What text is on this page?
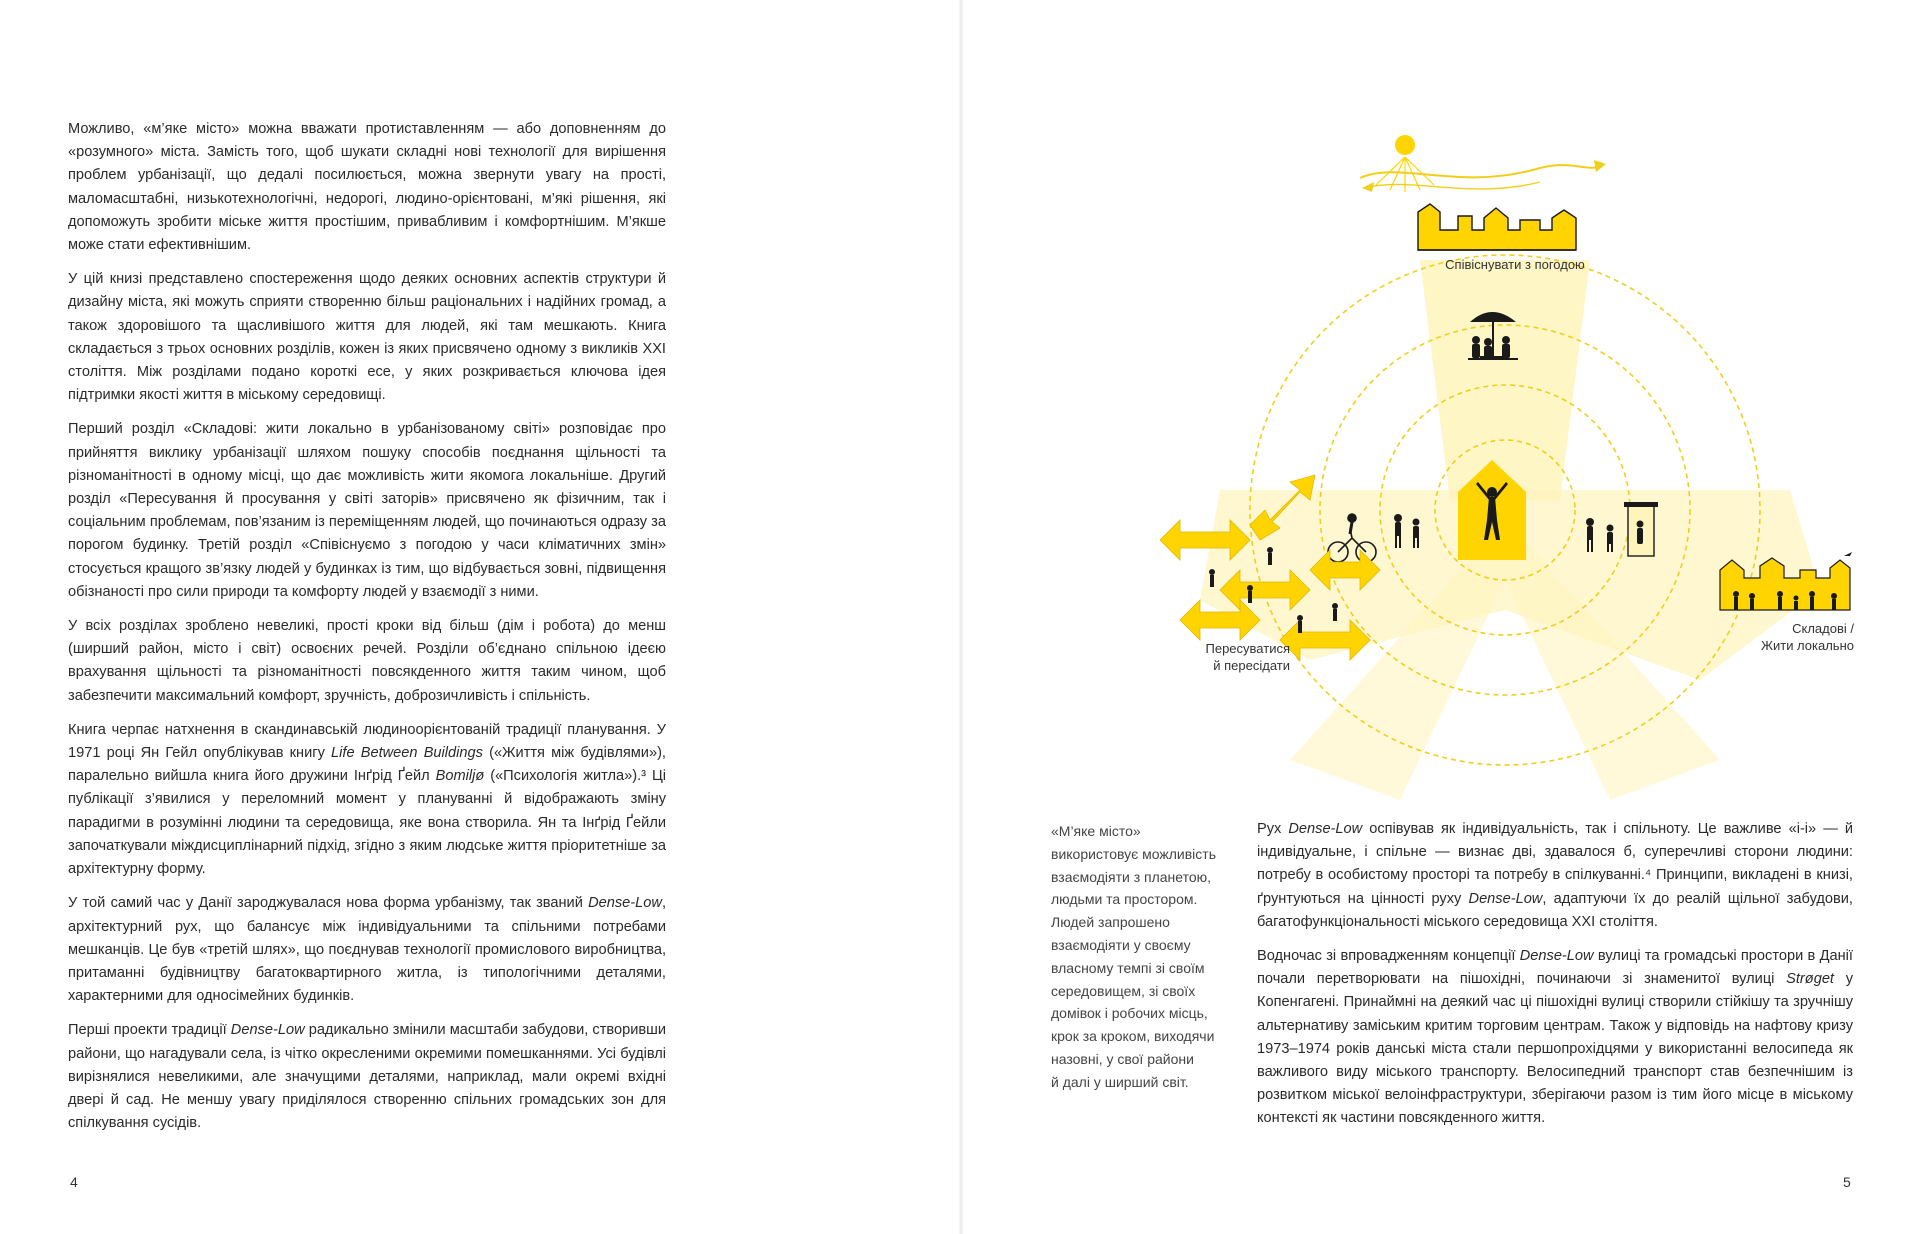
Можливо, «м’яке місто» можна вважати протиставленням — або доповненням до «розумного» міста. Замість того, щоб шукати складні нові технології для вирішення проблем урбанізації, що дедалі посилюється, можна звернути увагу на прості, маломасштабні, низькотехнологічні, недорогі, людино-орієнтовані, м’які рішення, які допоможуть зробити міське життя простішим, привабливим і комфортнішим. М’якше може стати ефективнішим.

У цій книзі представлено спостереження щодо деяких основних аспектів структури й дизайну міста, які можуть сприяти створенню більш раціональних і надійних громад, а також здоровішого та щасливішого життя для людей, які там мешкають. Книга складається з трьох основних розділів, кожен із яких присвячено одному з викликів XXI століття. Між розділами подано короткі есе, у яких розкривається ключова ідея підтримки якості життя в міському середовищі.

Перший розділ «Складові: жити локально в урбанізованому світі» розповідає про прийняття виклику урбанізації шляхом пошуку способів поєднання щільності та різноманітності в одному місці, що дає можливість жити якомога локальніше. Другий розділ «Пересування й просування у світі заторів» присвячено як фізичним, так і соціальним проблемам, пов’язаним із переміщенням людей, що починаються одразу за порогом будинку. Третій розділ «Співіснуємо з погодою у часи кліматичних змін» стосується кращого зв’язку людей у будинках із тим, що відбувається зовні, підвищення обізнаності про сили природи та комфорту людей у взаємодії з ними.

У всіх розділах зроблено невеликі, прості кроки від більш (дім і робота) до менш (ширший район, місто і світ) освоєних речей. Розділи об’єднано спільною ідеєю врахування щільності та різноманітності повсякденного життя таким чином, щоб забезпечити максимальний комфорт, зручність, доброзичливість і спільність.

Книга черпає натхнення в скандинавській людиноорієнтованій традиції планування. У 1971 році Ян Гейл опублікував книгу Life Between Buildings («Життя між будівлями»), паралельно вийшла книга його дружини Інґрід Ґейл Bomiljø («Психологія житла»).³ Ці публікації з’явилися у переломний момент у плануванні й відображають зміну парадигми в розумінні людини та середовища, яке вона створила. Ян та Інґрід Ґейли започаткували міждисциплінарний підхід, згідно з яким людське життя пріоритетніше за архітектурну форму.

У той самий час у Данії зароджувалася нова форма урбанізму, так званий Dense-Low, архітектурний рух, що балансує між індивідуальними та спільними потребами мешканців. Це був «третій шлях», що поєднував технології промислового виробництва, притаманні будівництву багатоквартирного житла, із типологічними деталями, характерними для односімейних будинків.

Перші проекти традиції Dense-Low радикально змінили масштаби забудови, створивши райони, що нагадували села, із чітко окресленими окремими помешканнями. Усі будівлі вирізнялися невеликими, але значущими деталями, наприклад, мали окремі вхідні двері й сад. Не меншу увагу приділялося створенню спільних громадських зон для спілкування сусідів.

4
Співіснувати з погодою
Пересуватися
й пересідати
Складові /
Жити локально
«М’яке місто»
використовує можливість
взаємодіяти з планетою,
людьми та простором.
Людей запрошено
взаємодіяти у своєму
власному темпі зі своїм
середовищем, зі своїх
домівок і робочих місць,
крок за кроком, виходячи
назовні, у свої райони
й далі у ширший світ.

Рух Dense-Low оспівував як індивідуальність, так і спільноту. Це важливе «і-і» — й індивідуальне, і спільне — визнає дві, здавалося б, суперечливі сторони людини: потребу в особистому просторі та потребу в спілкуванні.⁴ Принципи, викладені в книзі, ґрунтуються на цінності руху Dense-Low, адаптуючи їх до реалій щільної забудови, багатофункціональності міського середовища XXI століття.

Водночас зі впровадженням концепції Dense-Low вулиці та громадські простори в Данії почали перетворювати на пішохідні, починаючи зі знаменитої вулиці Strøget у Копенгагені. Принаймні на деякий час ці пішохідні вулиці створили стійкішу та зручнішу альтернативу заміським критим торговим центрам. Також у відповідь на нафтову кризу 1973–1974 років данські міста стали першопрохідцями у використанні велосипеда як важливого виду міського транспорту. Велосипедний транспорт став безпечнішим із розвитком міської велоінфраструктури, зберігаючи разом із тим його місце в міському контексті як частини повсякденного життя.

5
